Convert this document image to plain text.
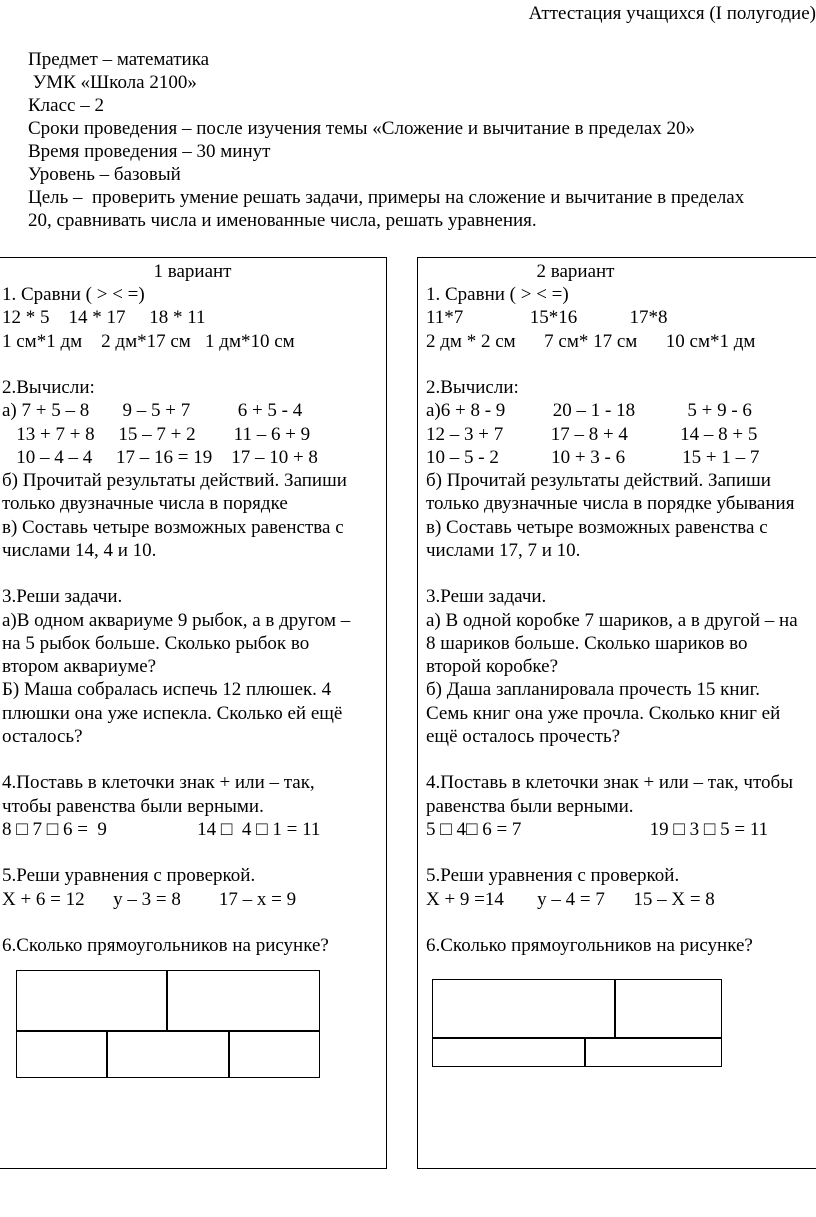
Аттестация учащихся (I полугодие)
Предмет – математика
УМК «Школа 2100»
Класс – 2
Сроки проведения – после изучения темы «Сложение и вычитание в пределах 20»
Время проведения – 30 минут
Уровень – базовый
Цель –  проверить умение решать задачи, примеры на сложение и вычитание в пределах
20, сравнивать числа и именованные числа, решать уравнения.
1 вариант
1. Сравни ( > < =)
12 * 5    14 * 17     18 * 11
1 см*1 дм    2 дм*17 см   1 дм*10 см
2.Вычисли:
а) 7 + 5 – 8       9 – 5 + 7          6 + 5 - 4
13 + 7 + 8     15 – 7 + 2        11 – 6 + 9
10 – 4 – 4     17 – 16 = 19    17 – 10 + 8
б) Прочитай результаты действий. Запиши
только двузначные числа в порядке
в) Составь четыре возможных равенства с
числами 14, 4 и 10.
3.Реши задачи.
а)В одном аквариуме 9 рыбок, а в другом –
на 5 рыбок больше. Сколько рыбок во
втором аквариуме?
Б) Маша собралась испечь 12 плюшек. 4
плюшки она уже испекла. Сколько ей ещё
осталось?
4.Поставь в клеточки знак + или – так,
чтобы равенства были верными.
8 □ 7 □ 6 =  9                   14 □  4 □ 1 = 11
5.Реши уравнения с проверкой.
Х + 6 = 12      у – 3 = 8        17 – х = 9
6.Сколько прямоугольников на рисунке?
2 вариант
1. Сравни ( > < =)
11*7              15*16           17*8
2 дм * 2 см      7 см* 17 см      10 см*1 дм
2.Вычисли:
а)6 + 8 - 9          20 – 1 - 18           5 + 9 - 6
12 – 3 + 7          17 – 8 + 4           14 – 8 + 5
10 – 5 - 2           10 + 3 - 6            15 + 1 – 7
б) Прочитай результаты действий. Запиши
только двузначные числа в порядке убывания
в) Составь четыре возможных равенства с
числами 17, 7 и 10.
3.Реши задачи.
а) В одной коробке 7 шариков, а в другой – на
8 шариков больше. Сколько шариков во
второй коробке?
б) Даша запланировала прочесть 15 книг.
Семь книг она уже прочла. Сколько книг ей
ещё осталось прочесть?
4.Поставь в клеточки знак + или – так, чтобы
равенства были верными.
5 □ 4□ 6 = 7                           19 □ 3 □ 5 = 11
5.Реши уравнения с проверкой.
Х + 9 =14       у – 4 = 7      15 – Х = 8
6.Сколько прямоугольников на рисунке?
